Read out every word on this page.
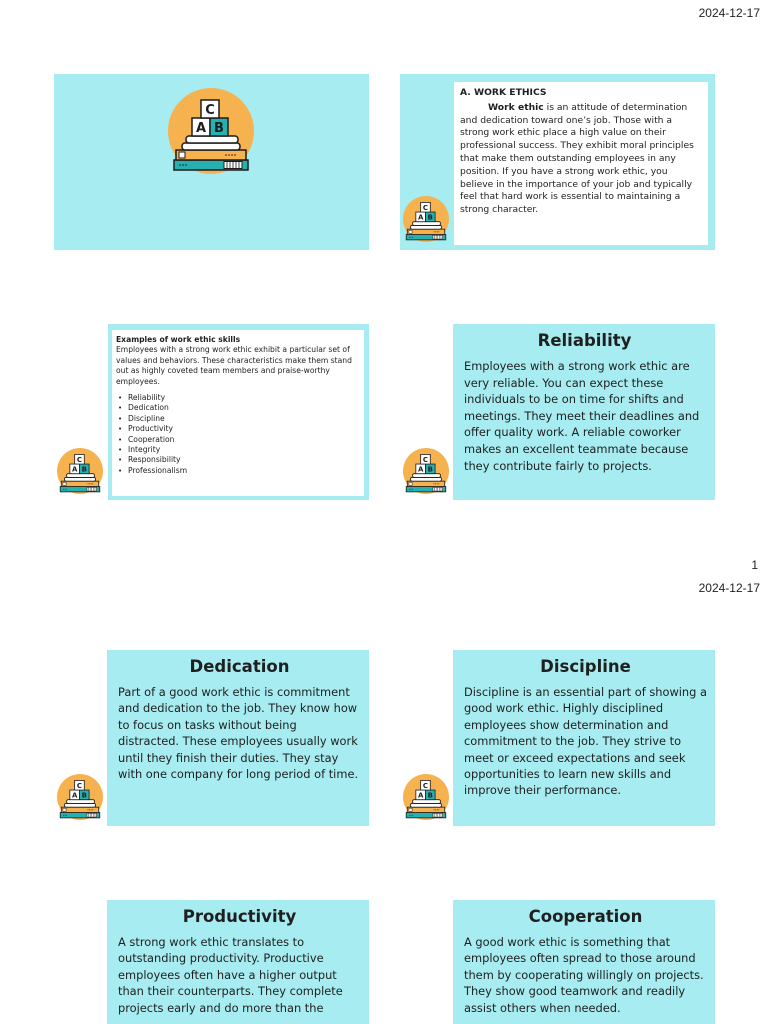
2024-12-17
A. WORK ETHICS

Work ethic is an attitude of determination and dedication toward one’s job. Those with a strong work ethic place a high value on their professional success. They exhibit moral principles that make them outstanding employees in any position. If you have a strong work ethic, you believe in the importance of your job and typically feel that hard work is essential to maintaining a strong character.

Examples of work ethic skills
Employees with a strong work ethic exhibit a particular set of values and behaviors. These characteristics make them stand out as highly coveted team members and praise-worthy employees.
• Reliability
• Dedication
• Discipline
• Productivity
• Cooperation
• Integrity
• Responsibility
• Professionalism
Reliability

Employees with a strong work ethic are very reliable. You can expect these individuals to be on time for shifts and meetings. They meet their deadlines and offer quality work. A reliable coworker makes an excellent teammate because they contribute fairly to projects.

1
2024-12-17
Dedication

Part of a good work ethic is commitment and dedication to the job. They know how to focus on tasks without being distracted. These employees usually work until they finish their duties. They stay with one company for long period of time.

Discipline

Discipline is an essential part of showing a good work ethic. Highly disciplined employees show determination and commitment to the job. They strive to meet or exceed expectations and seek opportunities to learn new skills and improve their performance.

Productivity

A strong work ethic translates to outstanding productivity. Productive employees often have a higher output than their counterparts. They complete projects early and do more than the

Cooperation

A good work ethic is something that employees often spread to those around them by cooperating willingly on projects. They show good teamwork and readily assist others when needed.
